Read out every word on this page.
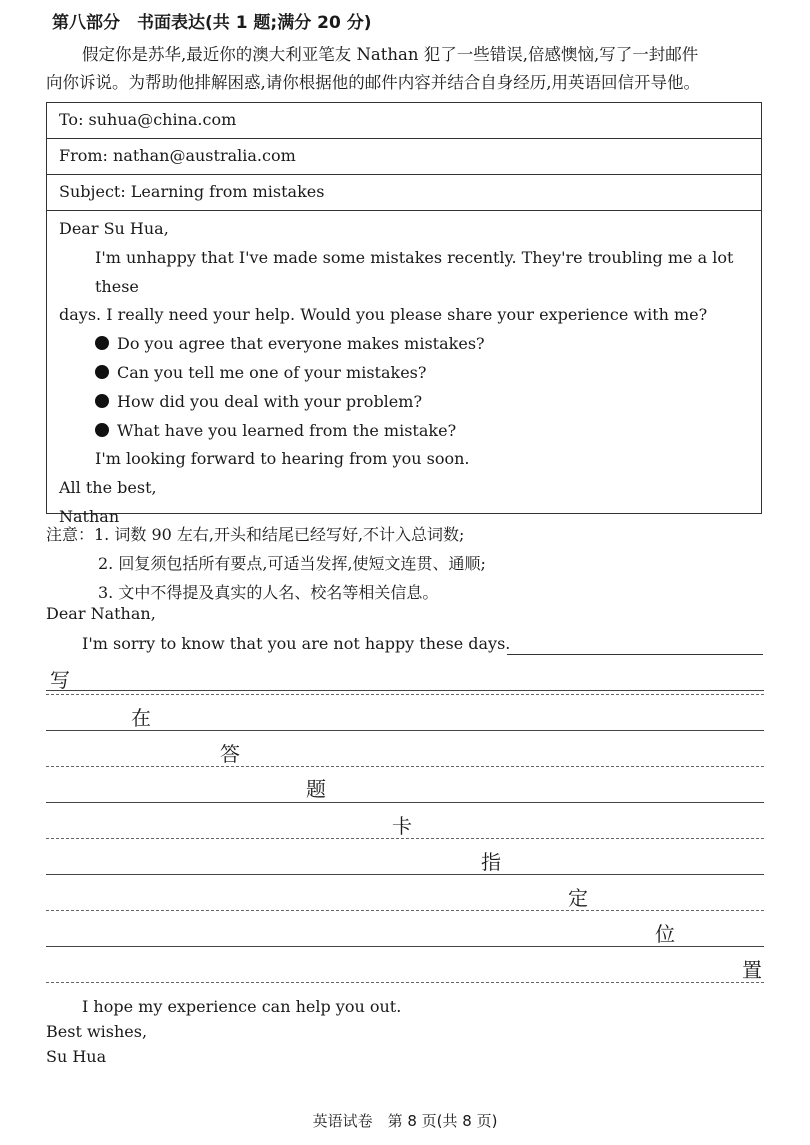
第八部分　书面表达(共 1 题;满分 20 分)
假定你是苏华,最近你的澳大利亚笔友 Nathan 犯了一些错误,倍感懊恼,写了一封邮件
向你诉说。为帮助他排解困惑,请你根据他的邮件内容并结合自身经历,用英语回信开导他。
To: suhua@china.com
From: nathan@australia.com
Subject: Learning from mistakes
Dear Su Hua,
I'm unhappy that I've made some mistakes recently. They're troubling me a lot these
days. I really need your help. Would you please share your experience with me?
Do you agree that everyone makes mistakes?
Can you tell me one of your mistakes?
How did you deal with your problem?
What have you learned from the mistake?
I'm looking forward to hearing from you soon.
All the best,
Nathan
注意：1. 词数 90 左右,开头和结尾已经写好,不计入总词数;
2. 回复须包括所有要点,可适当发挥,使短文连贯、通顺;
3. 文中不得提及真实的人名、校名等相关信息。
Dear Nathan,
I'm sorry to know that you are not happy these days.
写
在
答
题
卡
指
定
位
置
I hope my experience can help you out.
Best wishes,
Su Hua
英语试卷　第 8 页(共 8 页)
